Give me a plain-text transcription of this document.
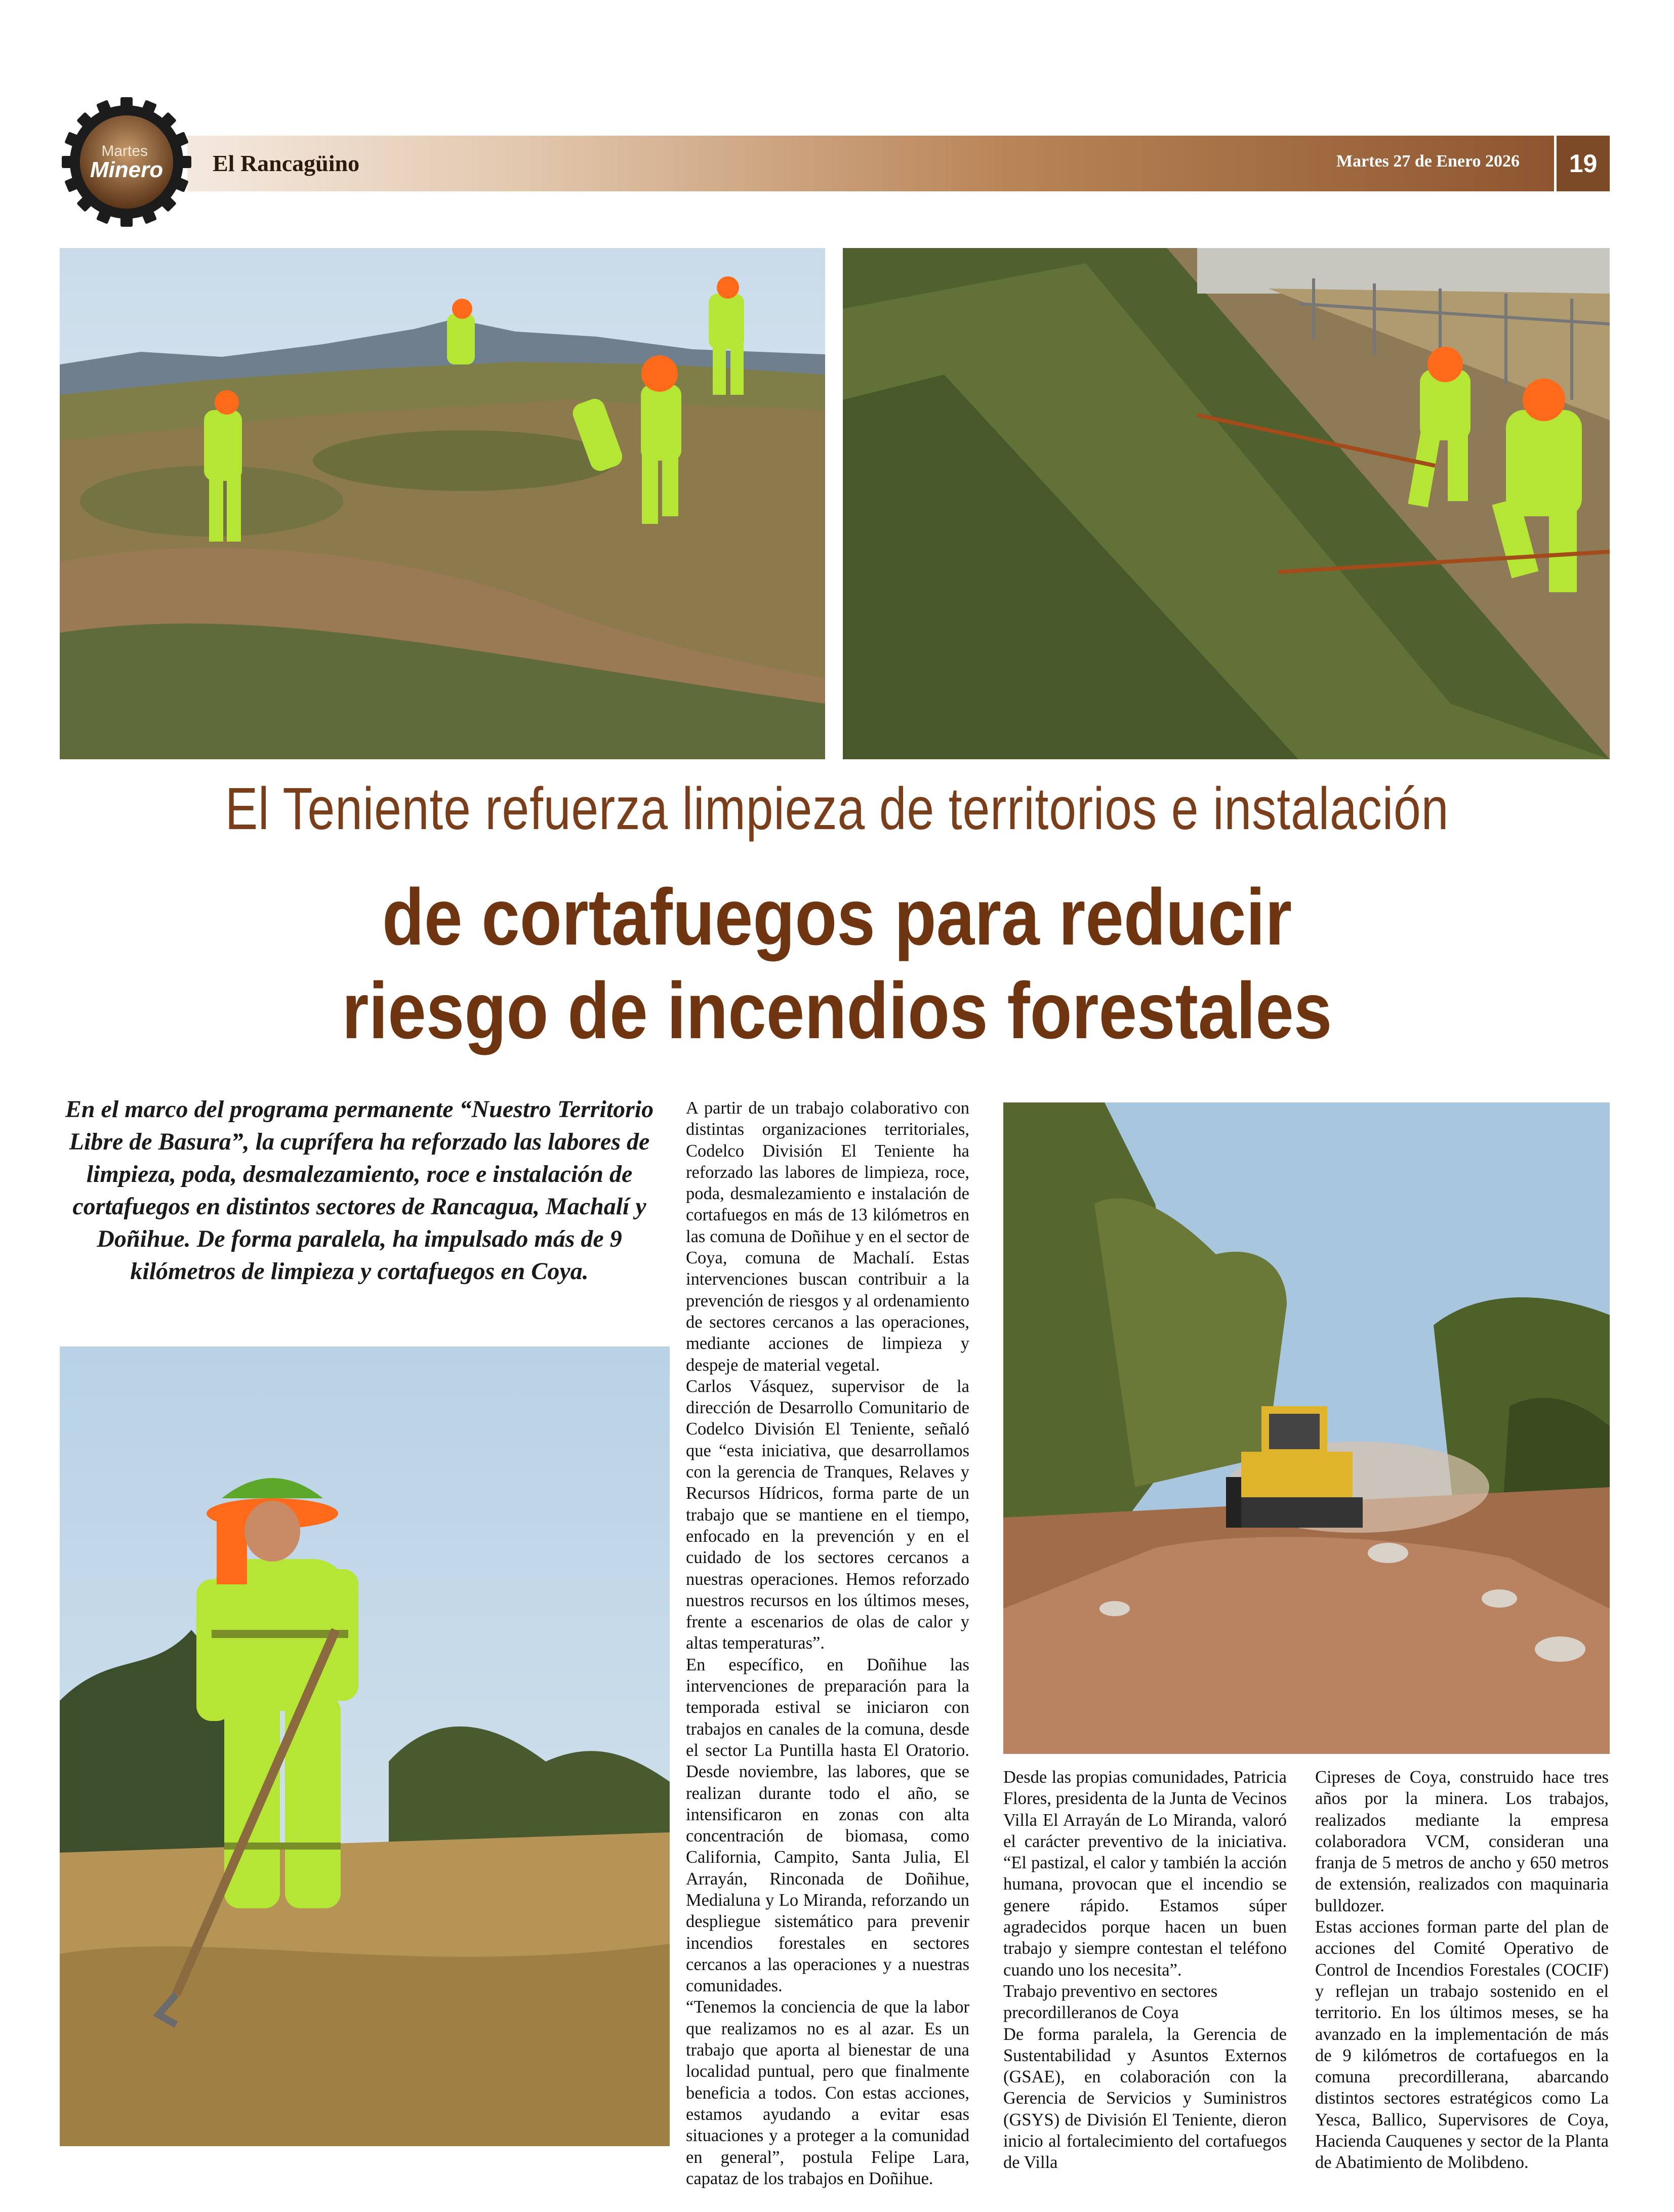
El Rancagüino	Martes 27 de Enero 2026	19
Martes
Minero
El Teniente refuerza limpieza de territorios e instalación
de cortafuegos para reducir
riesgo de incendios forestales
En el marco del programa permanente “Nuestro Territorio Libre de Basura”, la cuprífera ha reforzado las labores de limpieza, poda, desmalezamiento, roce e instalación de cortafuegos en distintos sectores de Rancagua, Machalí y Doñihue. De forma paralela, ha impulsado más de 9 kilómetros de limpieza y cortafuegos en Coya.

A partir de un trabajo colaborativo con distintas organizaciones territoriales, Codelco División El Teniente ha reforzado las labores de limpieza, roce, poda, desmalezamiento e instalación de cortafuegos en más de 13 kilómetros en las comuna de Doñihue y en el sector de Coya, comuna de Machalí. Estas intervenciones buscan contribuir a la prevención de riesgos y al ordenamiento de sectores cercanos a las operaciones, mediante acciones de limpieza y despeje de material vegetal.

Carlos Vásquez, supervisor de la dirección de Desarrollo Comunitario de Codelco División El Teniente, señaló que “esta iniciativa, que desarrollamos con la gerencia de Tranques, Relaves y Recursos Hídricos, forma parte de un trabajo que se mantiene en el tiempo, enfocado en la prevención y en el cuidado de los sectores cercanos a nuestras operaciones. Hemos reforzado nuestros recursos en los últimos meses, frente a escenarios de olas de calor y altas temperaturas”.

En específico, en Doñihue las intervenciones de preparación para la temporada estival se iniciaron con trabajos en canales de la comuna, desde el sector La Puntilla hasta El Oratorio. Desde noviembre, las labores, que se realizan durante todo el año, se intensificaron en zonas con alta concentración de biomasa, como California, Campito, Santa Julia, El Arrayán, Rinconada de Doñihue, Medialuna y Lo Miranda, reforzando un despliegue sistemático para prevenir incendios forestales en sectores cercanos a las operaciones y a nuestras comunidades.

“Tenemos la conciencia de que la labor que realizamos no es al azar. Es un trabajo que aporta al bienestar de una localidad puntual, pero que finalmente beneficia a todos. Con estas acciones, estamos ayudando a evitar esas situaciones y a proteger a la comunidad en general”, postula Felipe Lara, capataz de los trabajos en Doñihue.

Desde las propias comunidades, Patricia Flores, presidenta de la Junta de Vecinos Villa El Arrayán de Lo Miranda, valoró el carácter preventivo de la iniciativa. “El pastizal, el calor y también la acción humana, provocan que el incendio se genere rápido. Estamos súper agradecidos porque hacen un buen trabajo y siempre contestan el teléfono cuando uno los necesita”.

Trabajo preventivo en sectores precordilleranos de Coya

De forma paralela, la Gerencia de Sustentabilidad y Asuntos Externos (GSAE), en colaboración con la Gerencia de Servicios y Suministros (GSYS) de División El Teniente, dieron inicio al fortalecimiento del cortafuegos de Villa

Cipreses de Coya, construido hace tres años por la minera. Los trabajos, realizados mediante la empresa colaboradora VCM, consideran una franja de 5 metros de ancho y 650 metros de extensión, realizados con maquinaria bulldozer.

Estas acciones forman parte del plan de acciones del Comité Operativo de Control de Incendios Forestales (COCIF) y reflejan un trabajo sostenido en el territorio. En los últimos meses, se ha avanzado en la implementación de más de 9 kilómetros de cortafuegos en la comuna precordillerana, abarcando distintos sectores estratégicos como La Yesca, Ballico, Supervisores de Coya, Hacienda Cauquenes y sector de la Planta de Abatimiento de Molibdeno.
